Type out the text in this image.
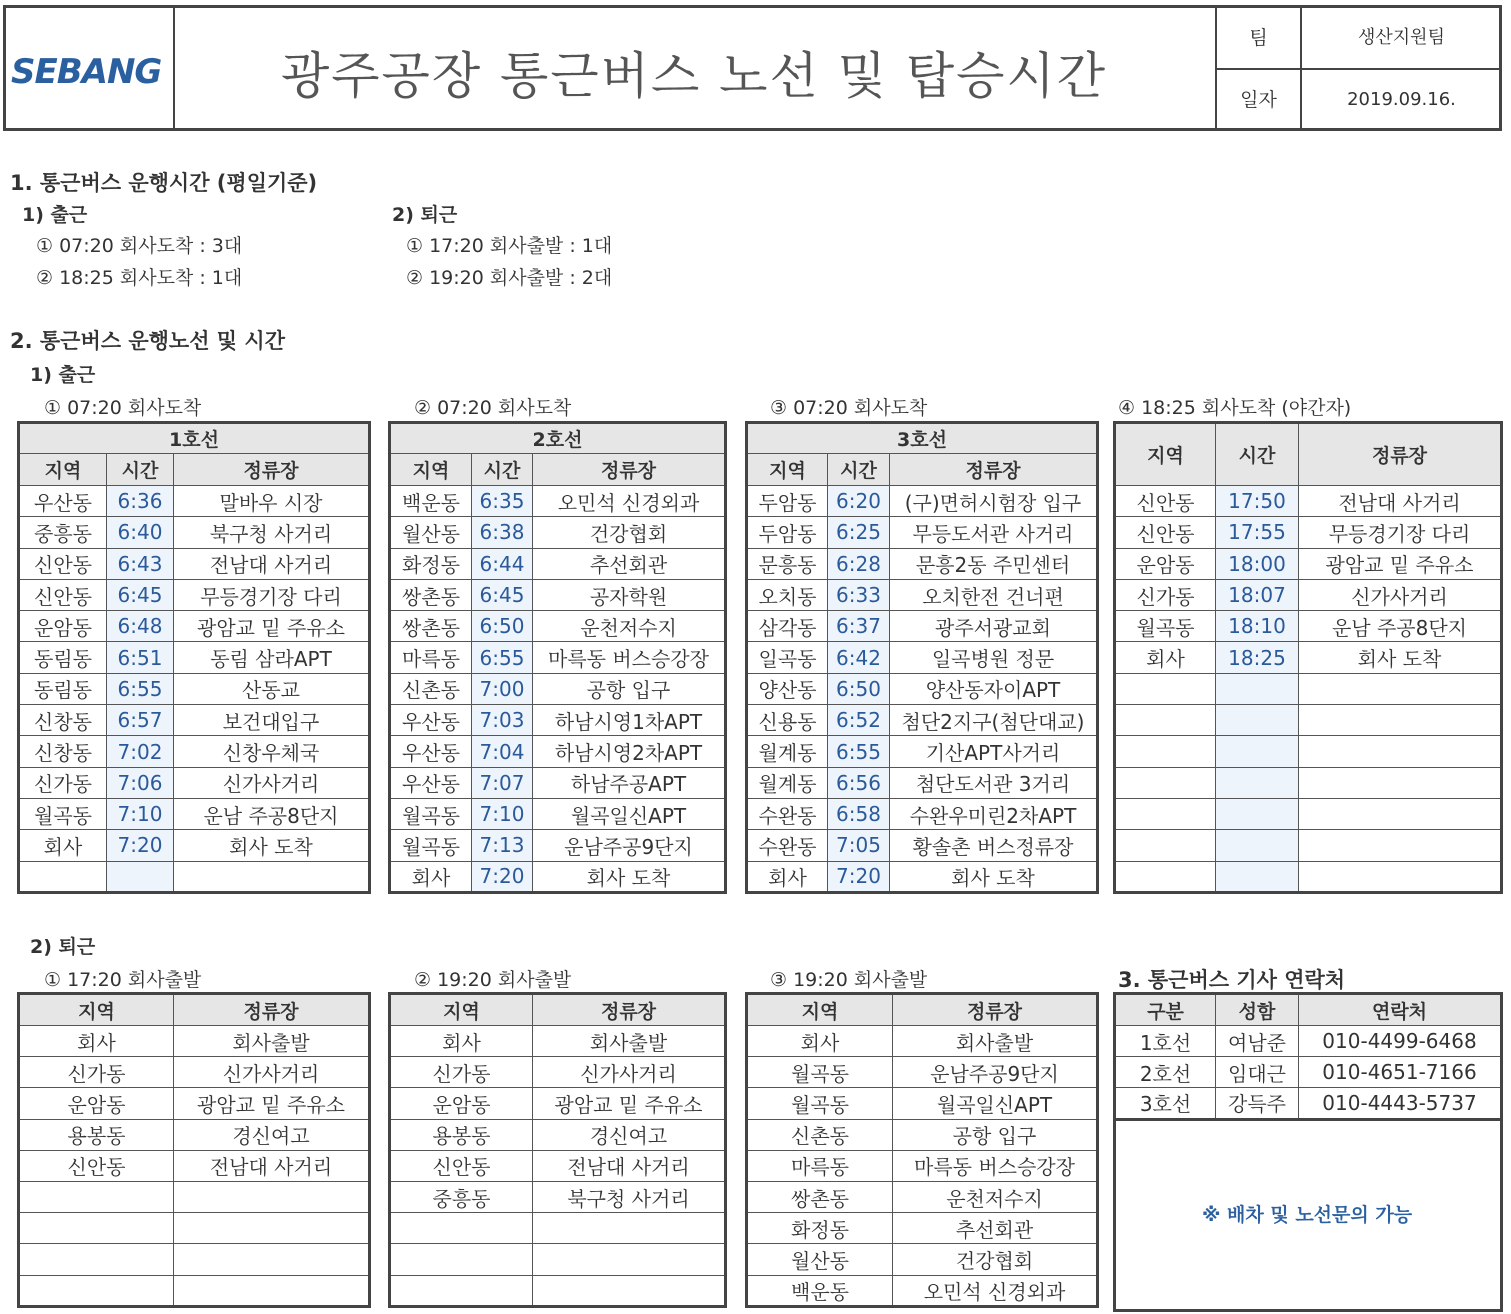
SEBANG	광주공장 통근버스 노선 및 탑승시간
팀	생산지원팀
일자	2019.09.16.
1. 통근버스 운행시간 (평일기준)
1) 출근
① 07:20 회사도착 : 3대
② 18:25 회사도착 : 1대
2) 퇴근
① 17:20 회사출발 : 1대
② 19:20 회사출발 : 2대
2. 통근버스 운행노선 및 시간
1) 출근
① 07:20 회사도착	② 07:20 회사도착	③ 07:20 회사도착	④ 18:25 회사도착 (야간자)
1호선		
지역	시간	정류장
우산동	6:36	말바우 시장
중흥동	6:40	북구청 사거리
신안동	6:43	전남대 사거리
신안동	6:45	무등경기장 다리
운암동	6:48	광암교 밑 주유소
동림동	6:51	동림 삼라APT
동림동	6:55	산동교
신창동	6:57	보건대입구
신창동	7:02	신창우체국
신가동	7:06	신가사거리
월곡동	7:10	운남 주공8단지
회사	7:20	회사 도착

2호선		
지역	시간	정류장
백운동	6:35	오민석 신경외과
월산동	6:38	건강협회
화정동	6:44	추선회관
쌍촌동	6:45	공자학원
쌍촌동	6:50	운천저수지
마륵동	6:55	마륵동 버스승강장
신촌동	7:00	공항 입구
우산동	7:03	하남시영1차APT
우산동	7:04	하남시영2차APT
우산동	7:07	하남주공APT
월곡동	7:10	월곡일신APT
월곡동	7:13	운남주공9단지
회사	7:20	회사 도착
3호선		
지역	시간	정류장
두암동	6:20	(구)면허시험장 입구
두암동	6:25	무등도서관 사거리
문흥동	6:28	문흥2동 주민센터
오치동	6:33	오치한전 건너편
삼각동	6:37	광주서광교회
일곡동	6:42	일곡병원 정문
양산동	6:50	양산동자이APT
신용동	6:52	첨단2지구(첨단대교)
월계동	6:55	기산APT사거리
월계동	6:56	첨단도서관 3거리
수완동	6:58	수완우미린2차APT
수완동	7:05	황솔촌 버스정류장
회사	7:20	회사 도착
지역	시간	정류장
신안동	17:50	전남대 사거리
신안동	17:55	무등경기장 다리
운암동	18:00	광암교 밑 주유소
신가동	18:07	신가사거리
월곡동	18:10	운남 주공8단지
회사	18:25	회사 도착

2) 퇴근
① 17:20 회사출발	② 19:20 회사출발	③ 19:20 회사출발	3. 통근버스 기사 연락처
지역	정류장
회사	회사출발
신가동	신가사거리
운암동	광암교 밑 주유소
용봉동	경신여고
신안동	전남대 사거리

지역	정류장
회사	회사출발
신가동	신가사거리
운암동	광암교 밑 주유소
용봉동	경신여고
신안동	전남대 사거리
중흥동	북구청 사거리

지역	정류장
회사	회사출발
월곡동	운남주공9단지
월곡동	월곡일신APT
신촌동	공항 입구
마륵동	마륵동 버스승강장
쌍촌동	운천저수지
화정동	추선회관
월산동	건강협회
백운동	오민석 신경외과
구분	성함	연락처
1호선	여남준	010-4499-6468
2호선	임대근	010-4651-7166
3호선	강득주	010-4443-5737
※ 배차 및 노선문의 가능
